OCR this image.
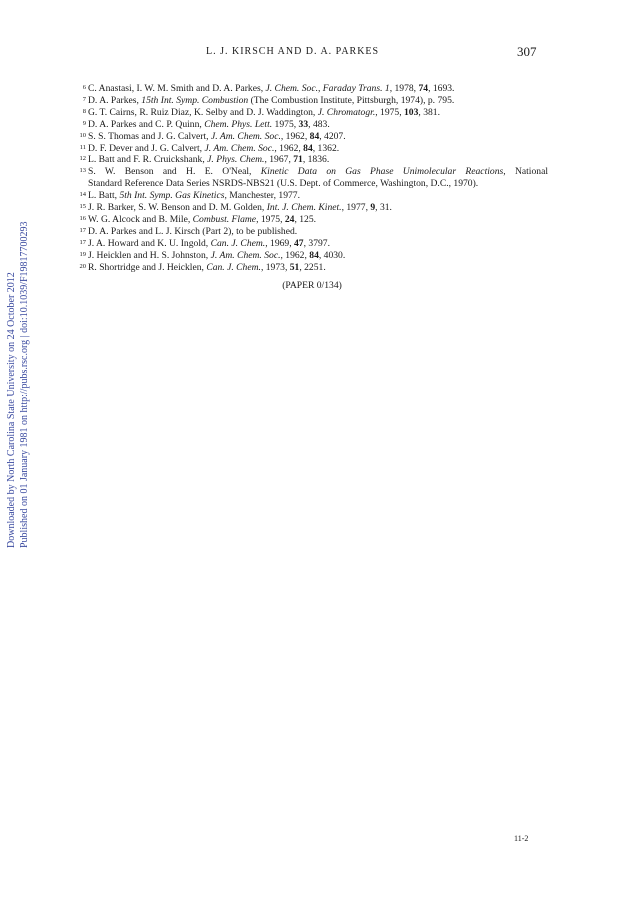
L. J. KIRSCH AND D. A. PARKES	307
Downloaded by North Carolina State University on 24 October 2012 Published on 01 January 1981 on http://pubs.rsc.org | doi:10.1039/F19817700293
6 C. Anastasi, I. W. M. Smith and D. A. Parkes, J. Chem. Soc., Faraday Trans. 1, 1978, 74, 1693.
7 D. A. Parkes, 15th Int. Symp. Combustion (The Combustion Institute, Pittsburgh, 1974), p. 795.
8 G. T. Cairns, R. Ruiz Diaz, K. Selby and D. J. Waddington, J. Chromatogr., 1975, 103, 381.
9 D. A. Parkes and C. P. Quinn, Chem. Phys. Lett. 1975, 33, 483.
10 S. S. Thomas and J. G. Calvert, J. Am. Chem. Soc., 1962, 84, 4207.
11 D. F. Dever and J. G. Calvert, J. Am. Chem. Soc., 1962, 84, 1362.
12 L. Batt and F. R. Cruickshank, J. Phys. Chem., 1967, 71, 1836.
13 S. W. Benson and H. E. O'Neal, Kinetic Data on Gas Phase Unimolecular Reactions, National
Standard Reference Data Series NSRDS-NBS21 (U.S. Dept. of Commerce, Washington, D.C., 1970).
14 L. Batt, 5th Int. Symp. Gas Kinetics, Manchester, 1977.
15 J. R. Barker, S. W. Benson and D. M. Golden, Int. J. Chem. Kinet., 1977, 9, 31.
16 W. G. Alcock and B. Mile, Combust. Flame, 1975, 24, 125.
17 D. A. Parkes and L. J. Kirsch (Part 2), to be published.
17 J. A. Howard and K. U. Ingold, Can. J. Chem., 1969, 47, 3797.
19 J. Heicklen and H. S. Johnston, J. Am. Chem. Soc., 1962, 84, 4030.
20 R. Shortridge and J. Heicklen, Can. J. Chem., 1973, 51, 2251.
(PAPER 0/134)
11-2
